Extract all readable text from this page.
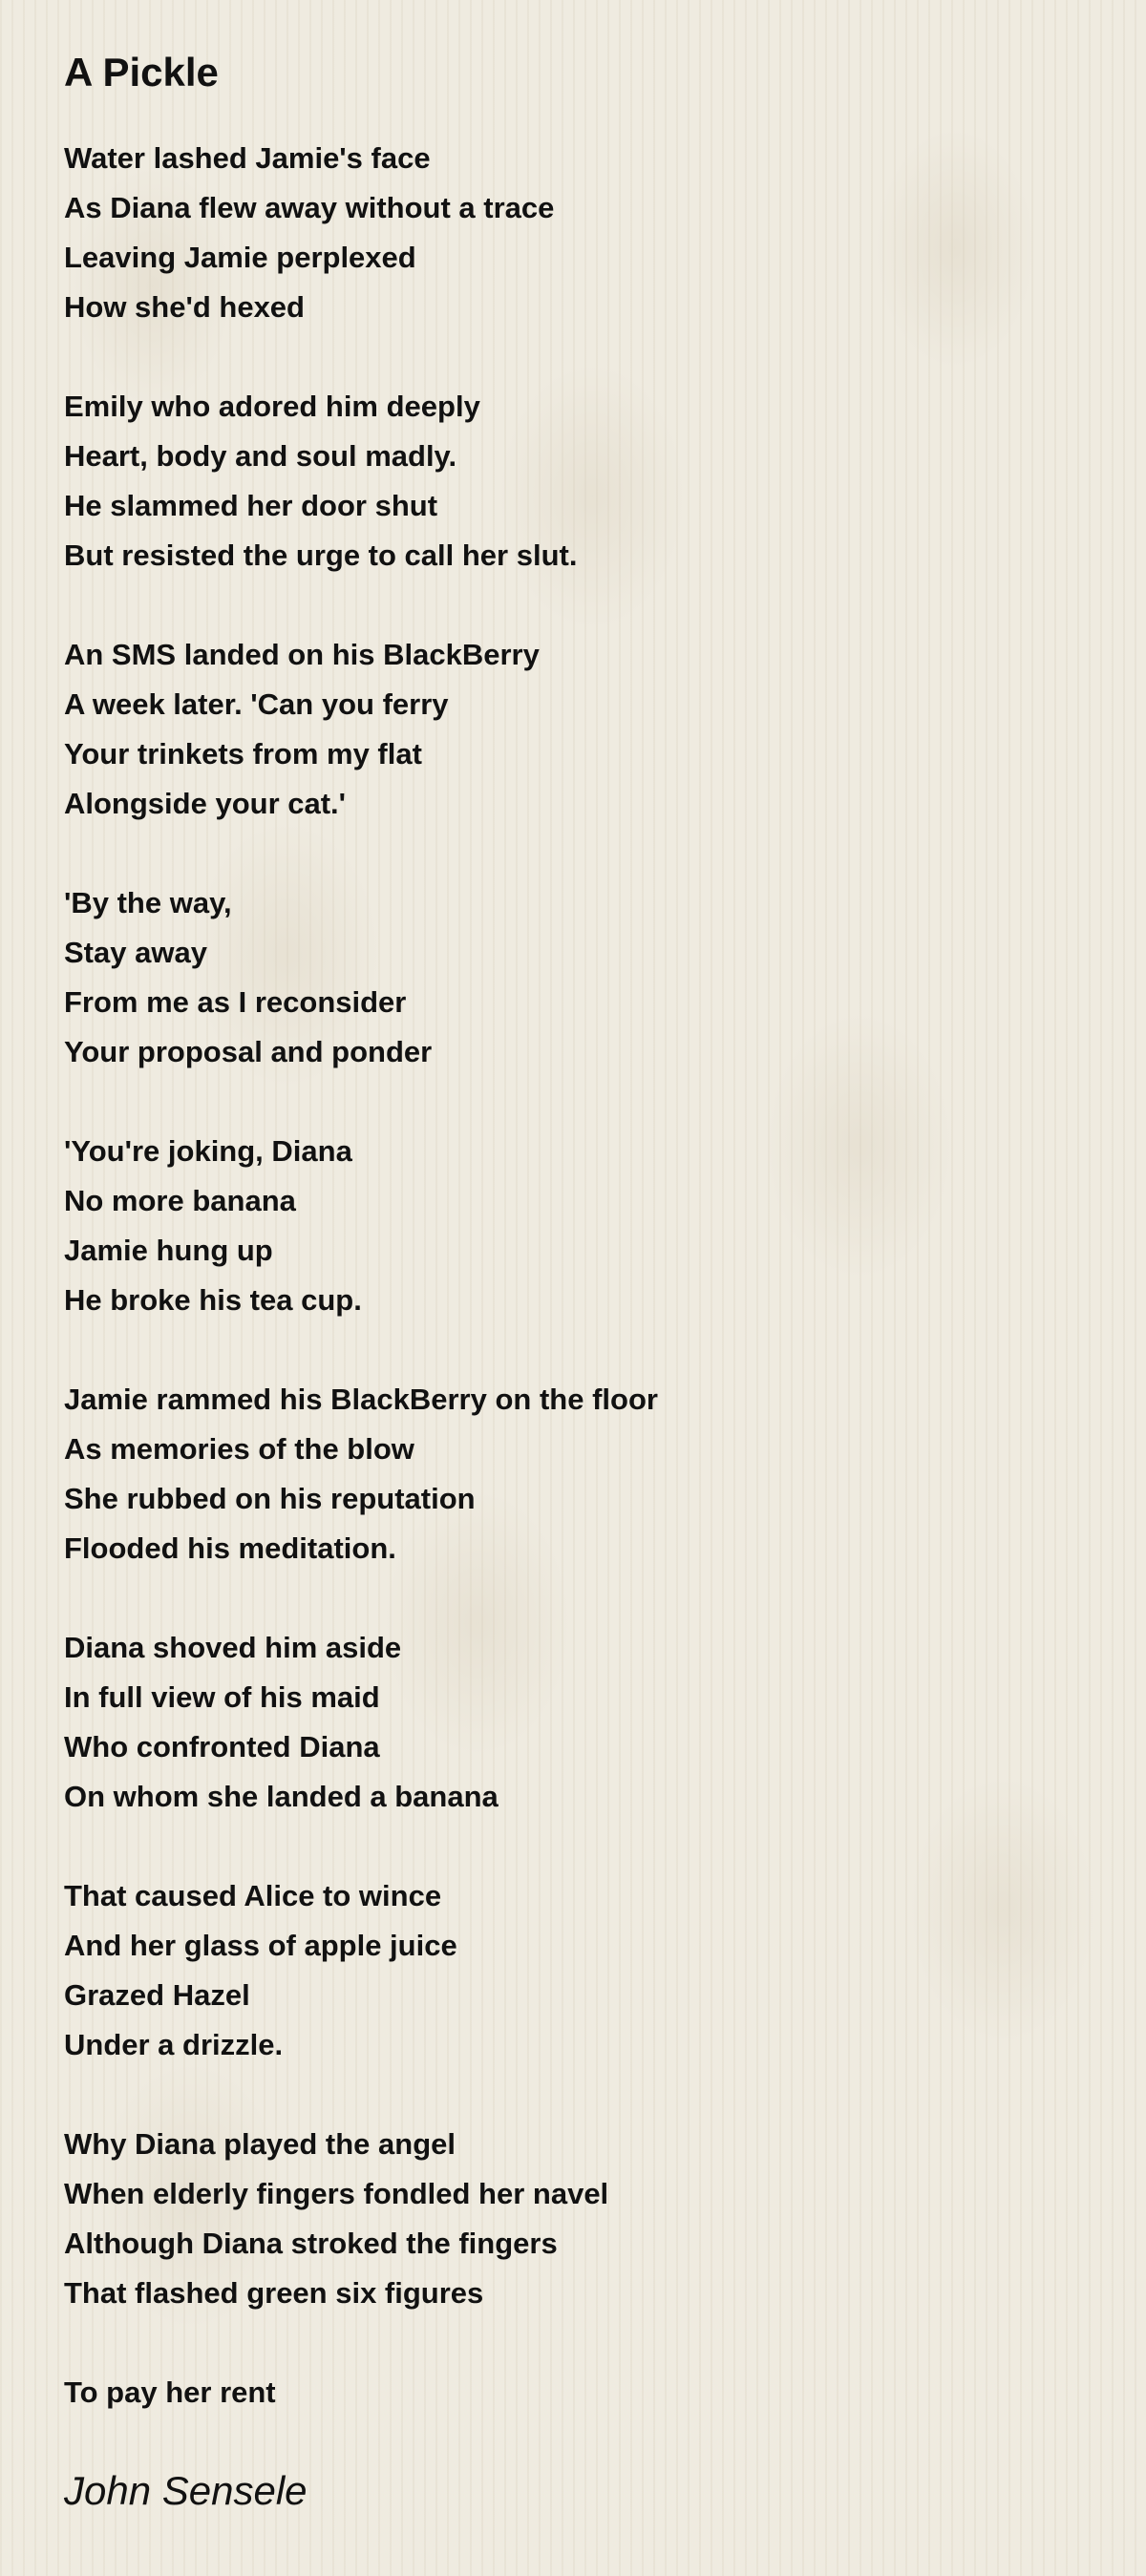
A Pickle
Water lashed Jamie's face
As Diana flew away without a trace
Leaving Jamie perplexed
How she'd hexed
Emily who adored him deeply
Heart, body and soul madly.
He slammed her door shut
But resisted the urge to call her slut.
An SMS landed on his BlackBerry
A week later. 'Can you ferry
Your trinkets from my flat
Alongside your cat.'
'By the way,
Stay away
From me as I reconsider
Your proposal and ponder
'You're joking, Diana
No more banana
Jamie hung up
He broke his tea cup.
Jamie rammed his BlackBerry on the floor
As memories of the blow
She rubbed on his reputation
Flooded his meditation.
Diana shoved him aside
In full view of his maid
Who confronted Diana
On whom she landed a banana
That caused Alice to wince
And her glass of apple juice
Grazed Hazel
Under a drizzle.
Why Diana played the angel
When elderly fingers fondled her navel
Although Diana stroked the fingers
That flashed green six figures
To pay her rent
John Sensele
